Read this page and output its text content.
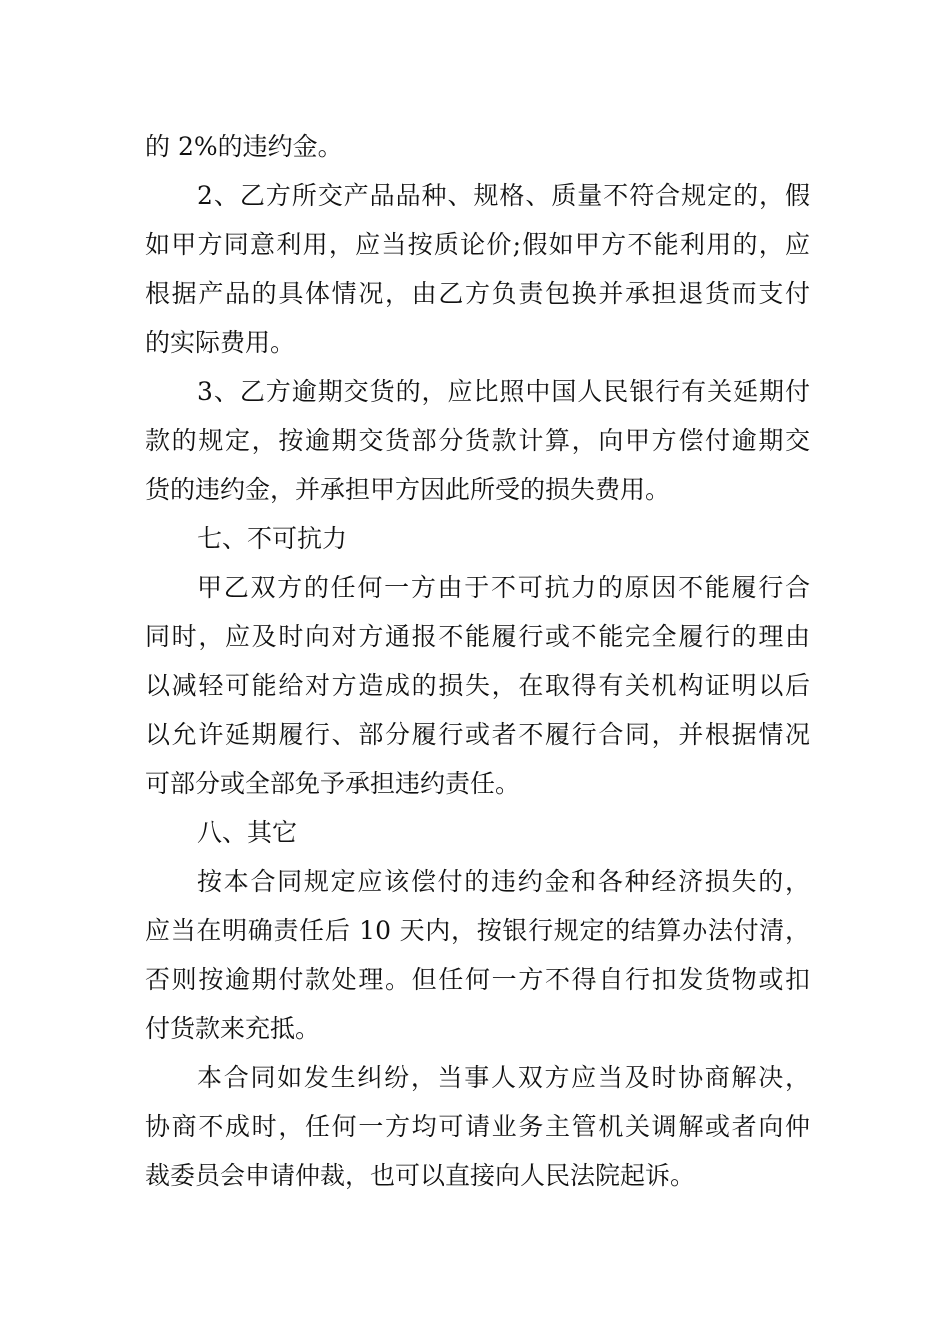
的 2%的违约金。
2、乙方所交产品品种、规格、质量不符合规定的，假
如甲方同意利用，应当按质论价;假如甲方不能利用的，应
根据产品的具体情况，由乙方负责包换并承担退货而支付
的实际费用。
3、乙方逾期交货的，应比照中国人民银行有关延期付
款的规定，按逾期交货部分货款计算，向甲方偿付逾期交
货的违约金，并承担甲方因此所受的损失费用。
七、不可抗力
甲乙双方的任何一方由于不可抗力的原因不能履行合
同时，应及时向对方通报不能履行或不能完全履行的理由
以减轻可能给对方造成的损失，在取得有关机构证明以后
以允许延期履行、部分履行或者不履行合同，并根据情况
可部分或全部免予承担违约责任。
八、其它
按本合同规定应该偿付的违约金和各种经济损失的，
应当在明确责任后 10 天内，按银行规定的结算办法付清，
否则按逾期付款处理。但任何一方不得自行扣发货物或扣
付货款来充抵。
本合同如发生纠纷，当事人双方应当及时协商解决，
协商不成时，任何一方均可请业务主管机关调解或者向仲
裁委员会申请仲裁，也可以直接向人民法院起诉。
